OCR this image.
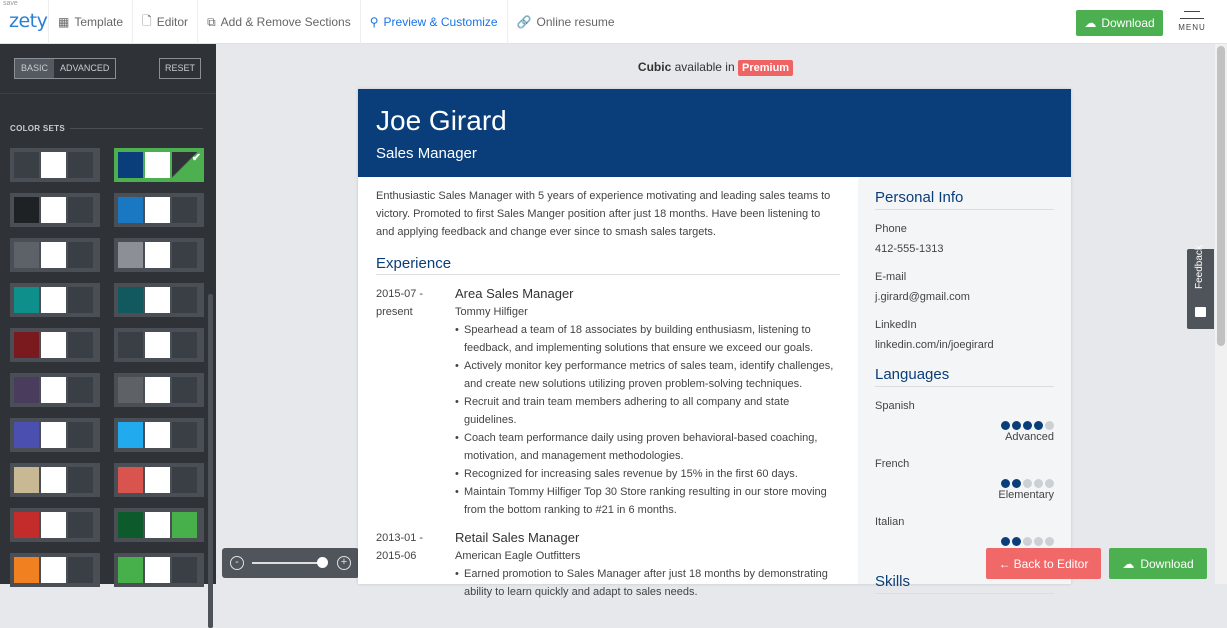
save
zety ▦ Template 🗋 Editor ⧉ Add & Remove Sections ⚲ Preview & Customize 🔗 Online resume	☁ Download	MENU
BASIC	ADVANCED	RESET
COLOR SETS
✔
-	+
Cubic available in Premium
Joe Girard
Sales Manager
Enthusiastic Sales Manager with 5 years of experience motivating and leading sales teams to victory. Promoted to first Sales Manger position after just 18 months. Have been listening to and applying feedback and change ever since to smash sales targets.
Experience
2015-07 -
present
Area Sales Manager
Tommy Hilfiger
• Spearhead a team of 18 associates by building enthusiasm, listening to feedback, and implementing solutions that ensure we exceed our goals.
• Actively monitor key performance metrics of sales team, identify challenges, and create new solutions utilizing proven problem-solving techniques.
• Recruit and train team members adhering to all company and state guidelines.
• Coach team performance daily using proven behavioral-based coaching, motivation, and management methodologies.
• Recognized for increasing sales revenue by 15% in the first 60 days.
• Maintain Tommy Hilfiger Top 30 Store ranking resulting in our store moving from the bottom ranking to #21 in 6 months.
2013-01 -
2015-06
Retail Sales Manager
American Eagle Outfitters
• Earned promotion to Sales Manager after just 18 months by demonstrating ability to learn quickly and adapt to sales needs.
Personal Info
Phone
412-555-1313
E-mail
j.girard@gmail.com
LinkedIn
linkedin.com/in/joegirard
Languages
Spanish
Advanced
French
Elementary
Italian
Skills
Feedback
← Back to Editor	☁ Download
